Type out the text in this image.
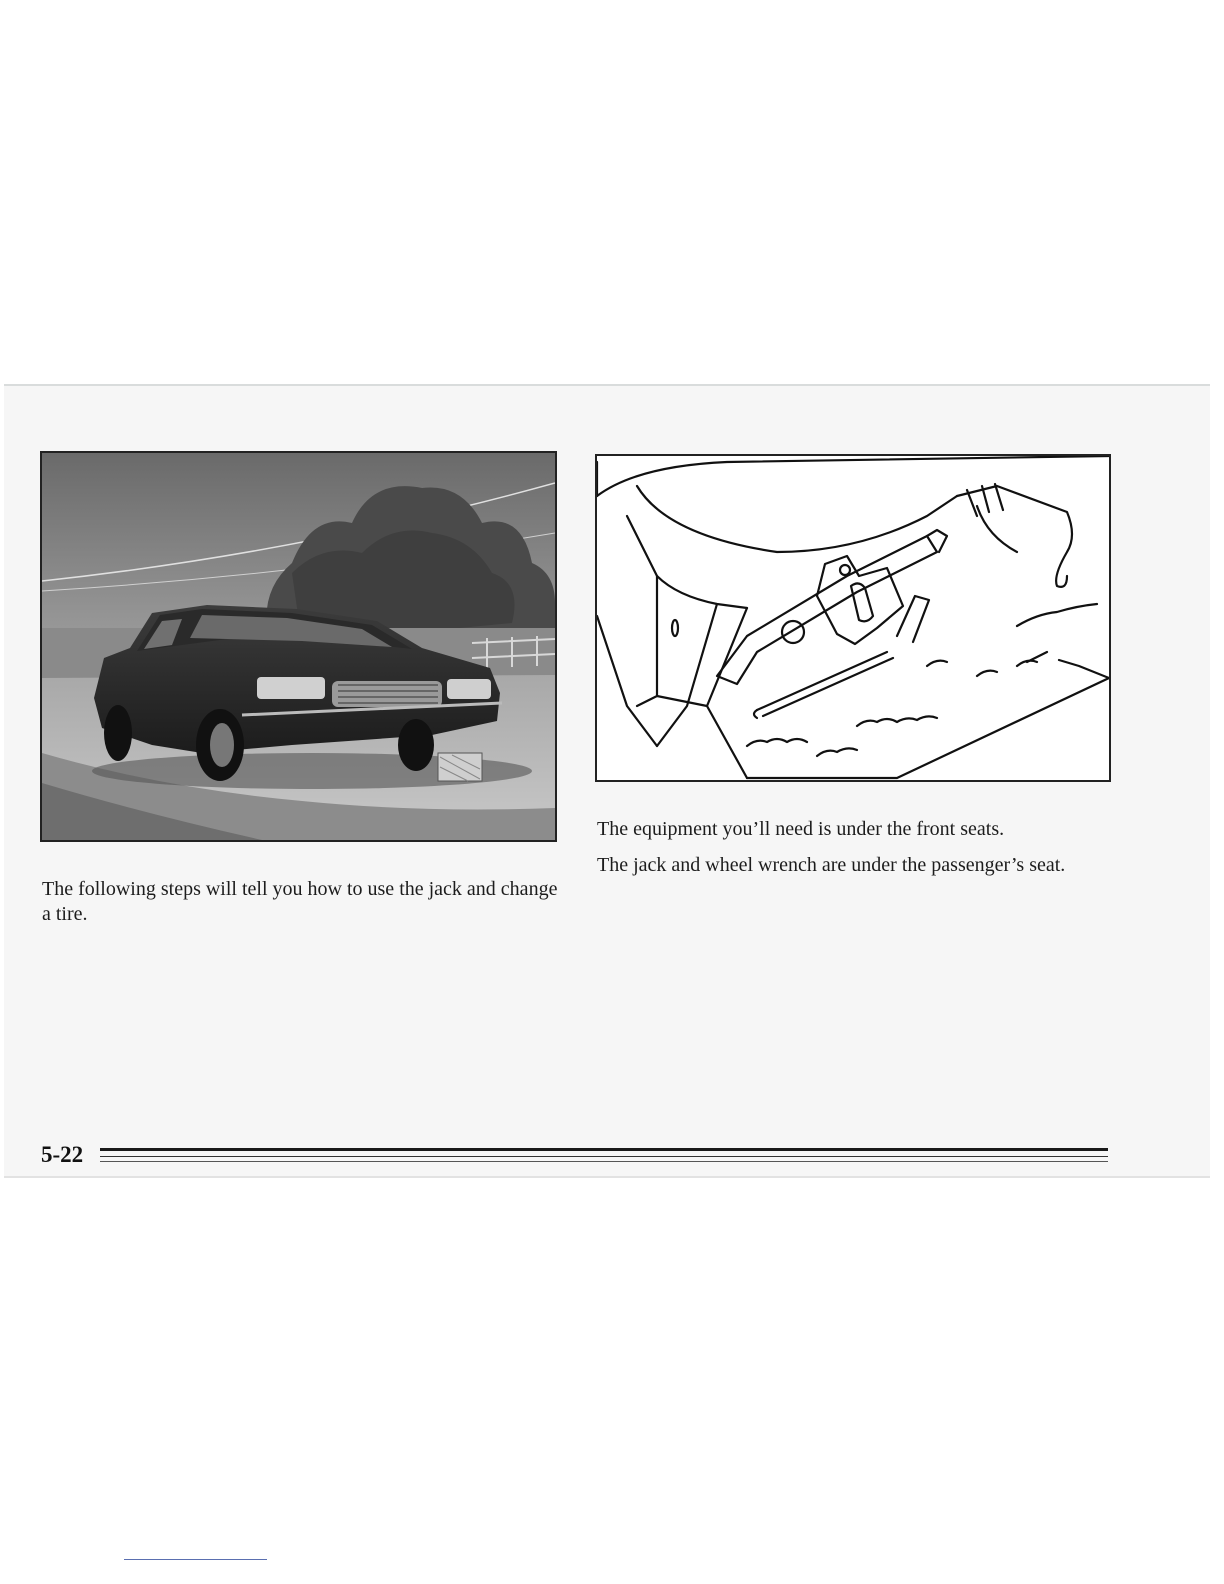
The following steps will tell you how to use the jack and change a tire.

The equipment you’ll need is under the front seats.

The jack and wheel wrench are under the passenger’s seat.

5-22
